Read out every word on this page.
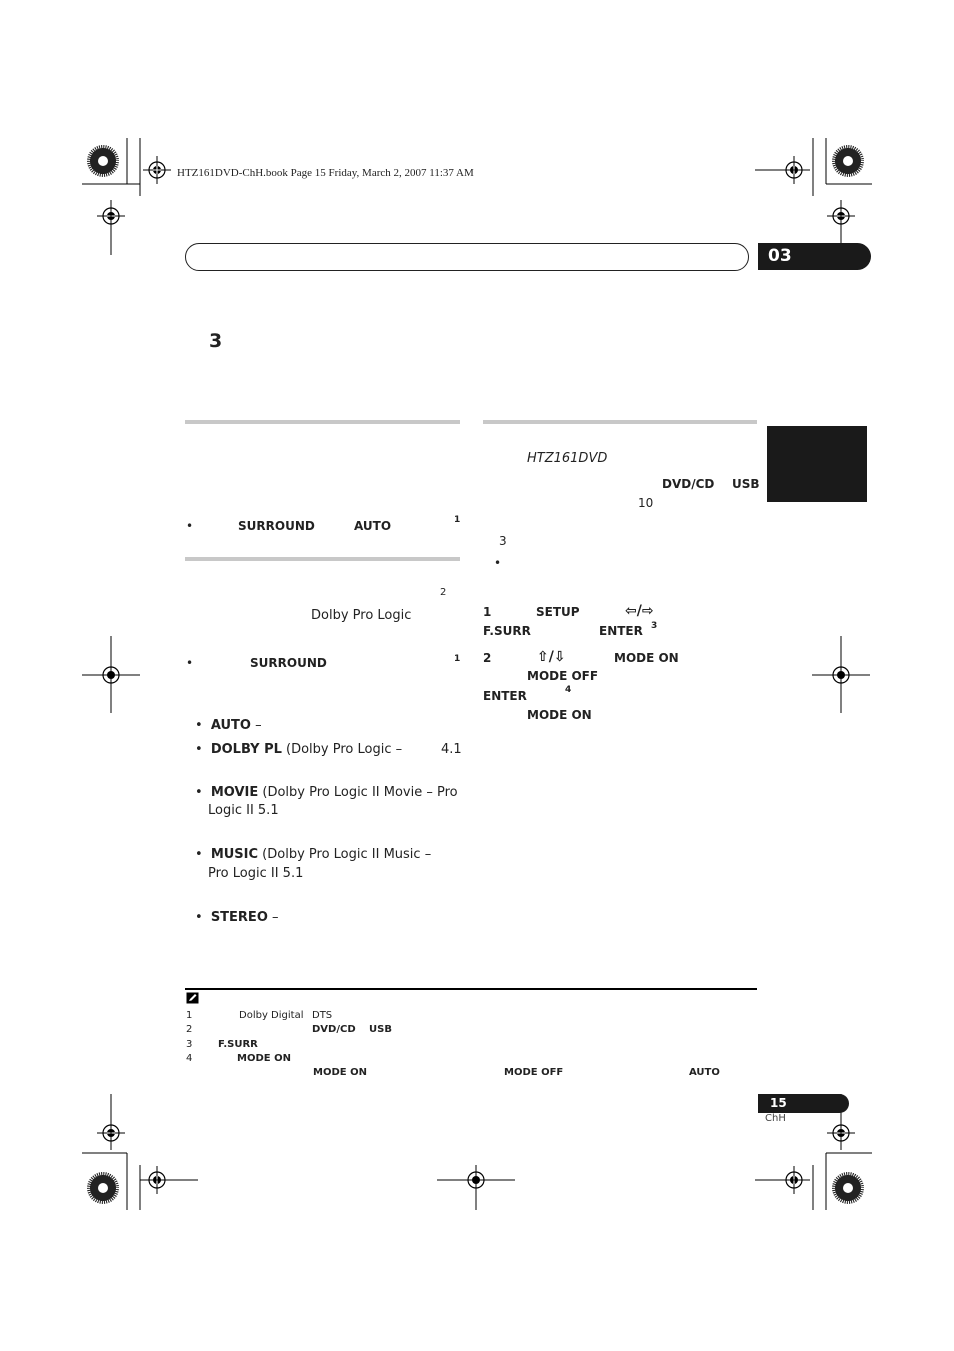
HTZ161DVD-ChH.book Page 15 Friday, March 2, 2007 11:37 AM
03
3
•	SURROUND	AUTO	1
2
Dolby Pro Logic
•	SURROUND	1
• AUTO –
• DOLBY PL (Dolby Pro Logic –	4.1
• MOVIE (Dolby Pro Logic II Movie – Pro
Logic II 5.1
• MUSIC (Dolby Pro Logic II Music –
Pro Logic II 5.1
• STEREO –
HTZ161DVD
DVD/CD USB
10
3
•
1	SETUP	⇦/⇨
F.SURR	ENTER 3
2	⇧/⇩	MODE ON
MODE OFF
ENTER	4
MODE ON
1	Dolby Digital DTS
2	DVD/CD USB
3	F.SURR
4	MODE ON
MODE ON	MODE OFF	AUTO
15
ChH
